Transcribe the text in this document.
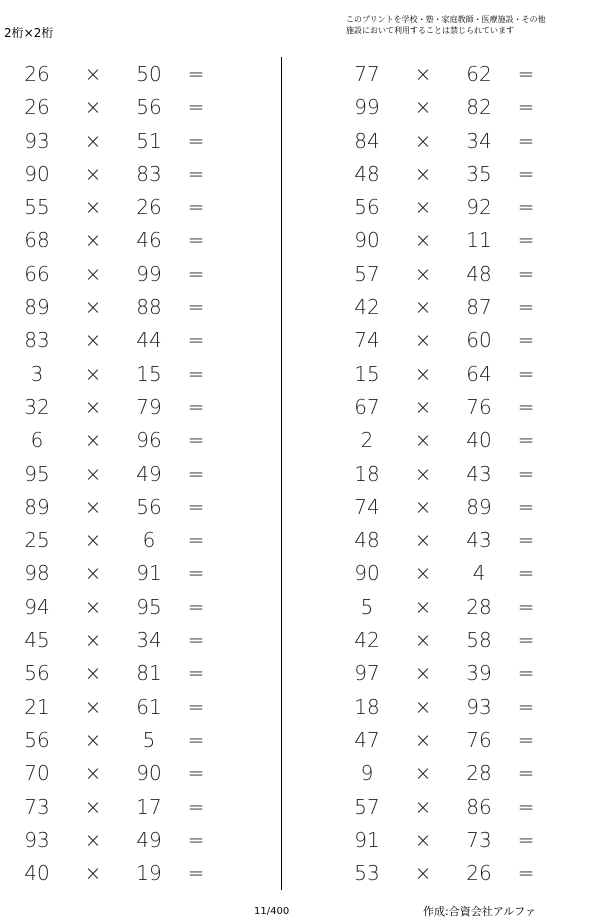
2桁×2桁
このプリントを学校・塾・家庭教師・医療施設・その他
施設において利用することは禁じられています
26	×	50	=
26	×	56	=
93	×	51	=
90	×	83	=
55	×	26	=
68	×	46	=
66	×	99	=
89	×	88	=
83	×	44	=
3	×	15	=
32	×	79	=
6	×	96	=
95	×	49	=
89	×	56	=
25	×	6	=
98	×	91	=
94	×	95	=
45	×	34	=
56	×	81	=
21	×	61	=
56	×	5	=
70	×	90	=
73	×	17	=
93	×	49	=
40	×	19	=
77	×	62	=
99	×	82	=
84	×	34	=
48	×	35	=
56	×	92	=
90	×	11	=
57	×	48	=
42	×	87	=
74	×	60	=
15	×	64	=
67	×	76	=
2	×	40	=
18	×	43	=
74	×	89	=
48	×	43	=
90	×	4	=
5	×	28	=
42	×	58	=
97	×	39	=
18	×	93	=
47	×	76	=
9	×	28	=
57	×	86	=
91	×	73	=
53	×	26	=
11/400	作成:合資会社アルファ
